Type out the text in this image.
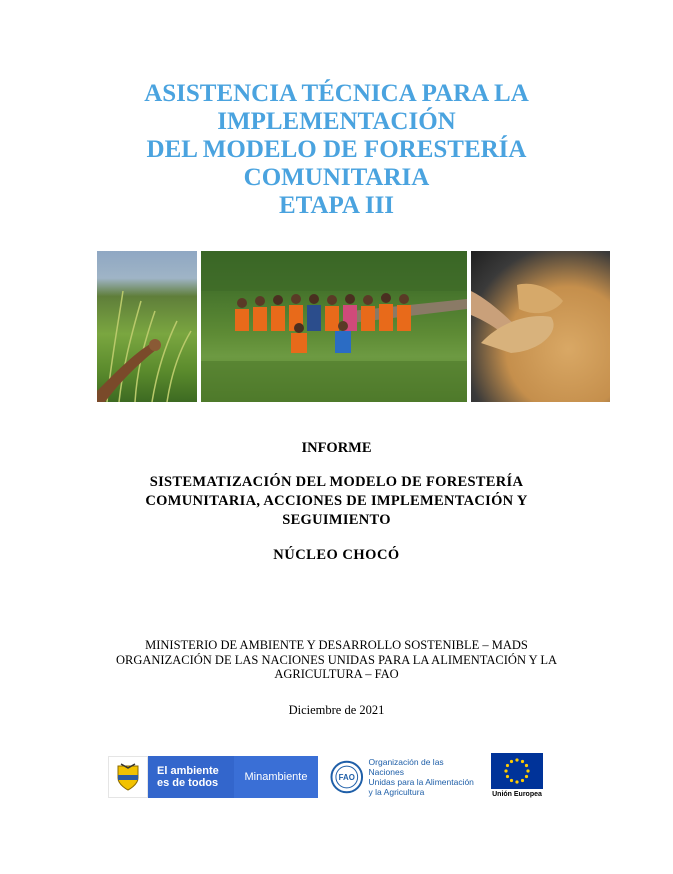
ASISTENCIA TÉCNICA PARA LA
IMPLEMENTACIÓN
DEL MODELO DE FORESTERÍA
COMUNITARIA
ETAPA III
INFORME
SISTEMATIZACIÓN DEL MODELO DE FORESTERÍA
COMUNITARIA, ACCIONES DE IMPLEMENTACIÓN Y
SEGUIMIENTO
NÚCLEO CHOCÓ
MINISTERIO DE AMBIENTE Y DESARROLLO SOSTENIBLE – MADS
ORGANIZACIÓN DE LAS NACIONES UNIDAS PARA LA ALIMENTACIÓN Y LA
AGRICULTURA – FAO
Diciembre de 2021
El ambiente
es de todos	Minambiente	FAO
Organización de las Naciones
Unidas para la Alimentación
y la Agricultura	Unión Europea
